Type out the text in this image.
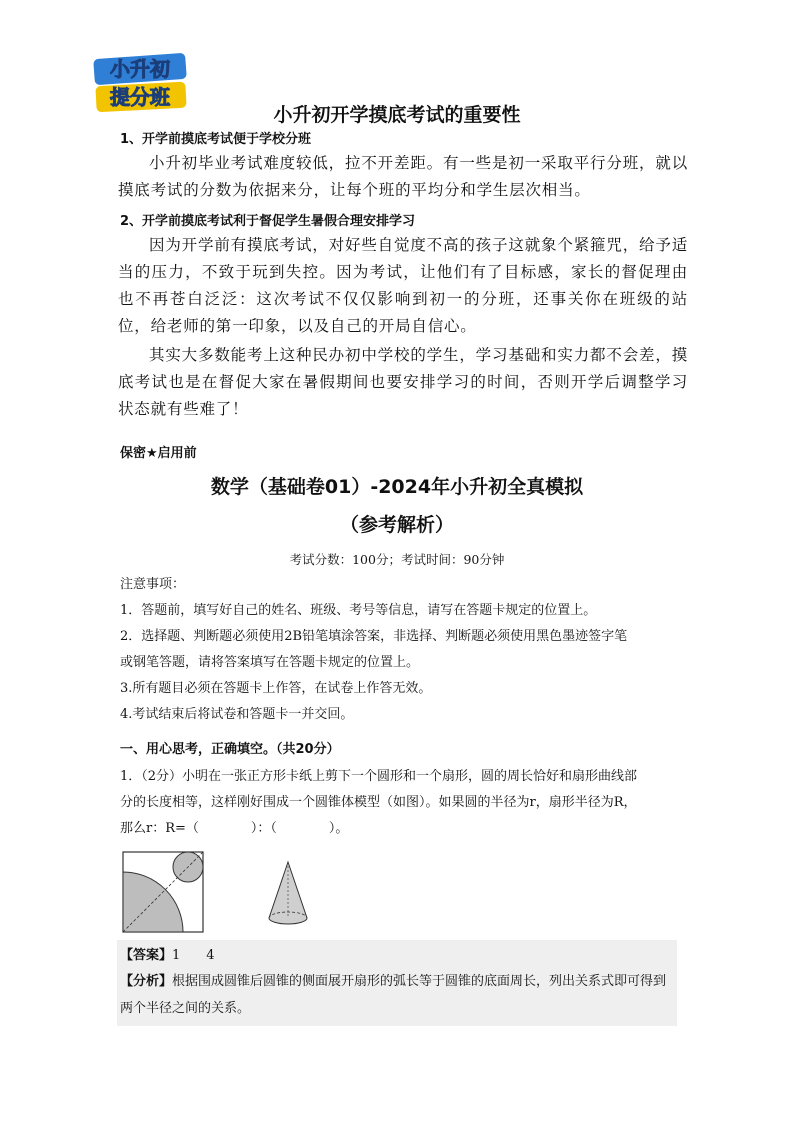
小升初
提分班
小升初开学摸底考试的重要性
1、开学前摸底考试便于学校分班
小升初毕业考试难度较低，拉不开差距。有一些是初一采取平行分班，就以摸底考试的分数为依据来分，让每个班的平均分和学生层次相当。
2、开学前摸底考试利于督促学生暑假合理安排学习
因为开学前有摸底考试，对好些自觉度不高的孩子这就象个紧箍咒，给予适当的压力，不致于玩到失控。因为考试，让他们有了目标感，家长的督促理由也不再苍白泛泛：这次考试不仅仅影响到初一的分班，还事关你在班级的站位，给老师的第一印象，以及自己的开局自信心。
其实大多数能考上这种民办初中学校的学生，学习基础和实力都不会差，摸底考试也是在督促大家在暑假期间也要安排学习的时间，否则开学后调整学习状态就有些难了！
保密★启用前
数学（基础卷01）-2024年小升初全真模拟
（参考解析）
考试分数：100分；考试时间：90分钟
注意事项：
1．答题前，填写好自己的姓名、班级、考号等信息，请写在答题卡规定的位置上。
2．选择题、判断题必须使用2B铅笔填涂答案，非选择、判断题必须使用黑色墨迹签字笔
或钢笔答题，请将答案填写在答题卡规定的位置上。
3.所有题目必须在答题卡上作答，在试卷上作答无效。
4.考试结束后将试卷和答题卡一并交回。
一、用心思考，正确填空。（共20分）
1．（2分）小明在一张正方形卡纸上剪下一个圆形和一个扇形，圆的周长恰好和扇形曲线部
分的长度相等，这样刚好围成一个圆锥体模型（如图）。如果圆的半径为r，扇形半径为R，
那么r：R=（　　　　）：（　　　　）。
【答案】1　　4
【分析】根据围成圆锥后圆锥的侧面展开扇形的弧长等于圆锥的底面周长，列出关系式即可得到两个半径之间的关系。
